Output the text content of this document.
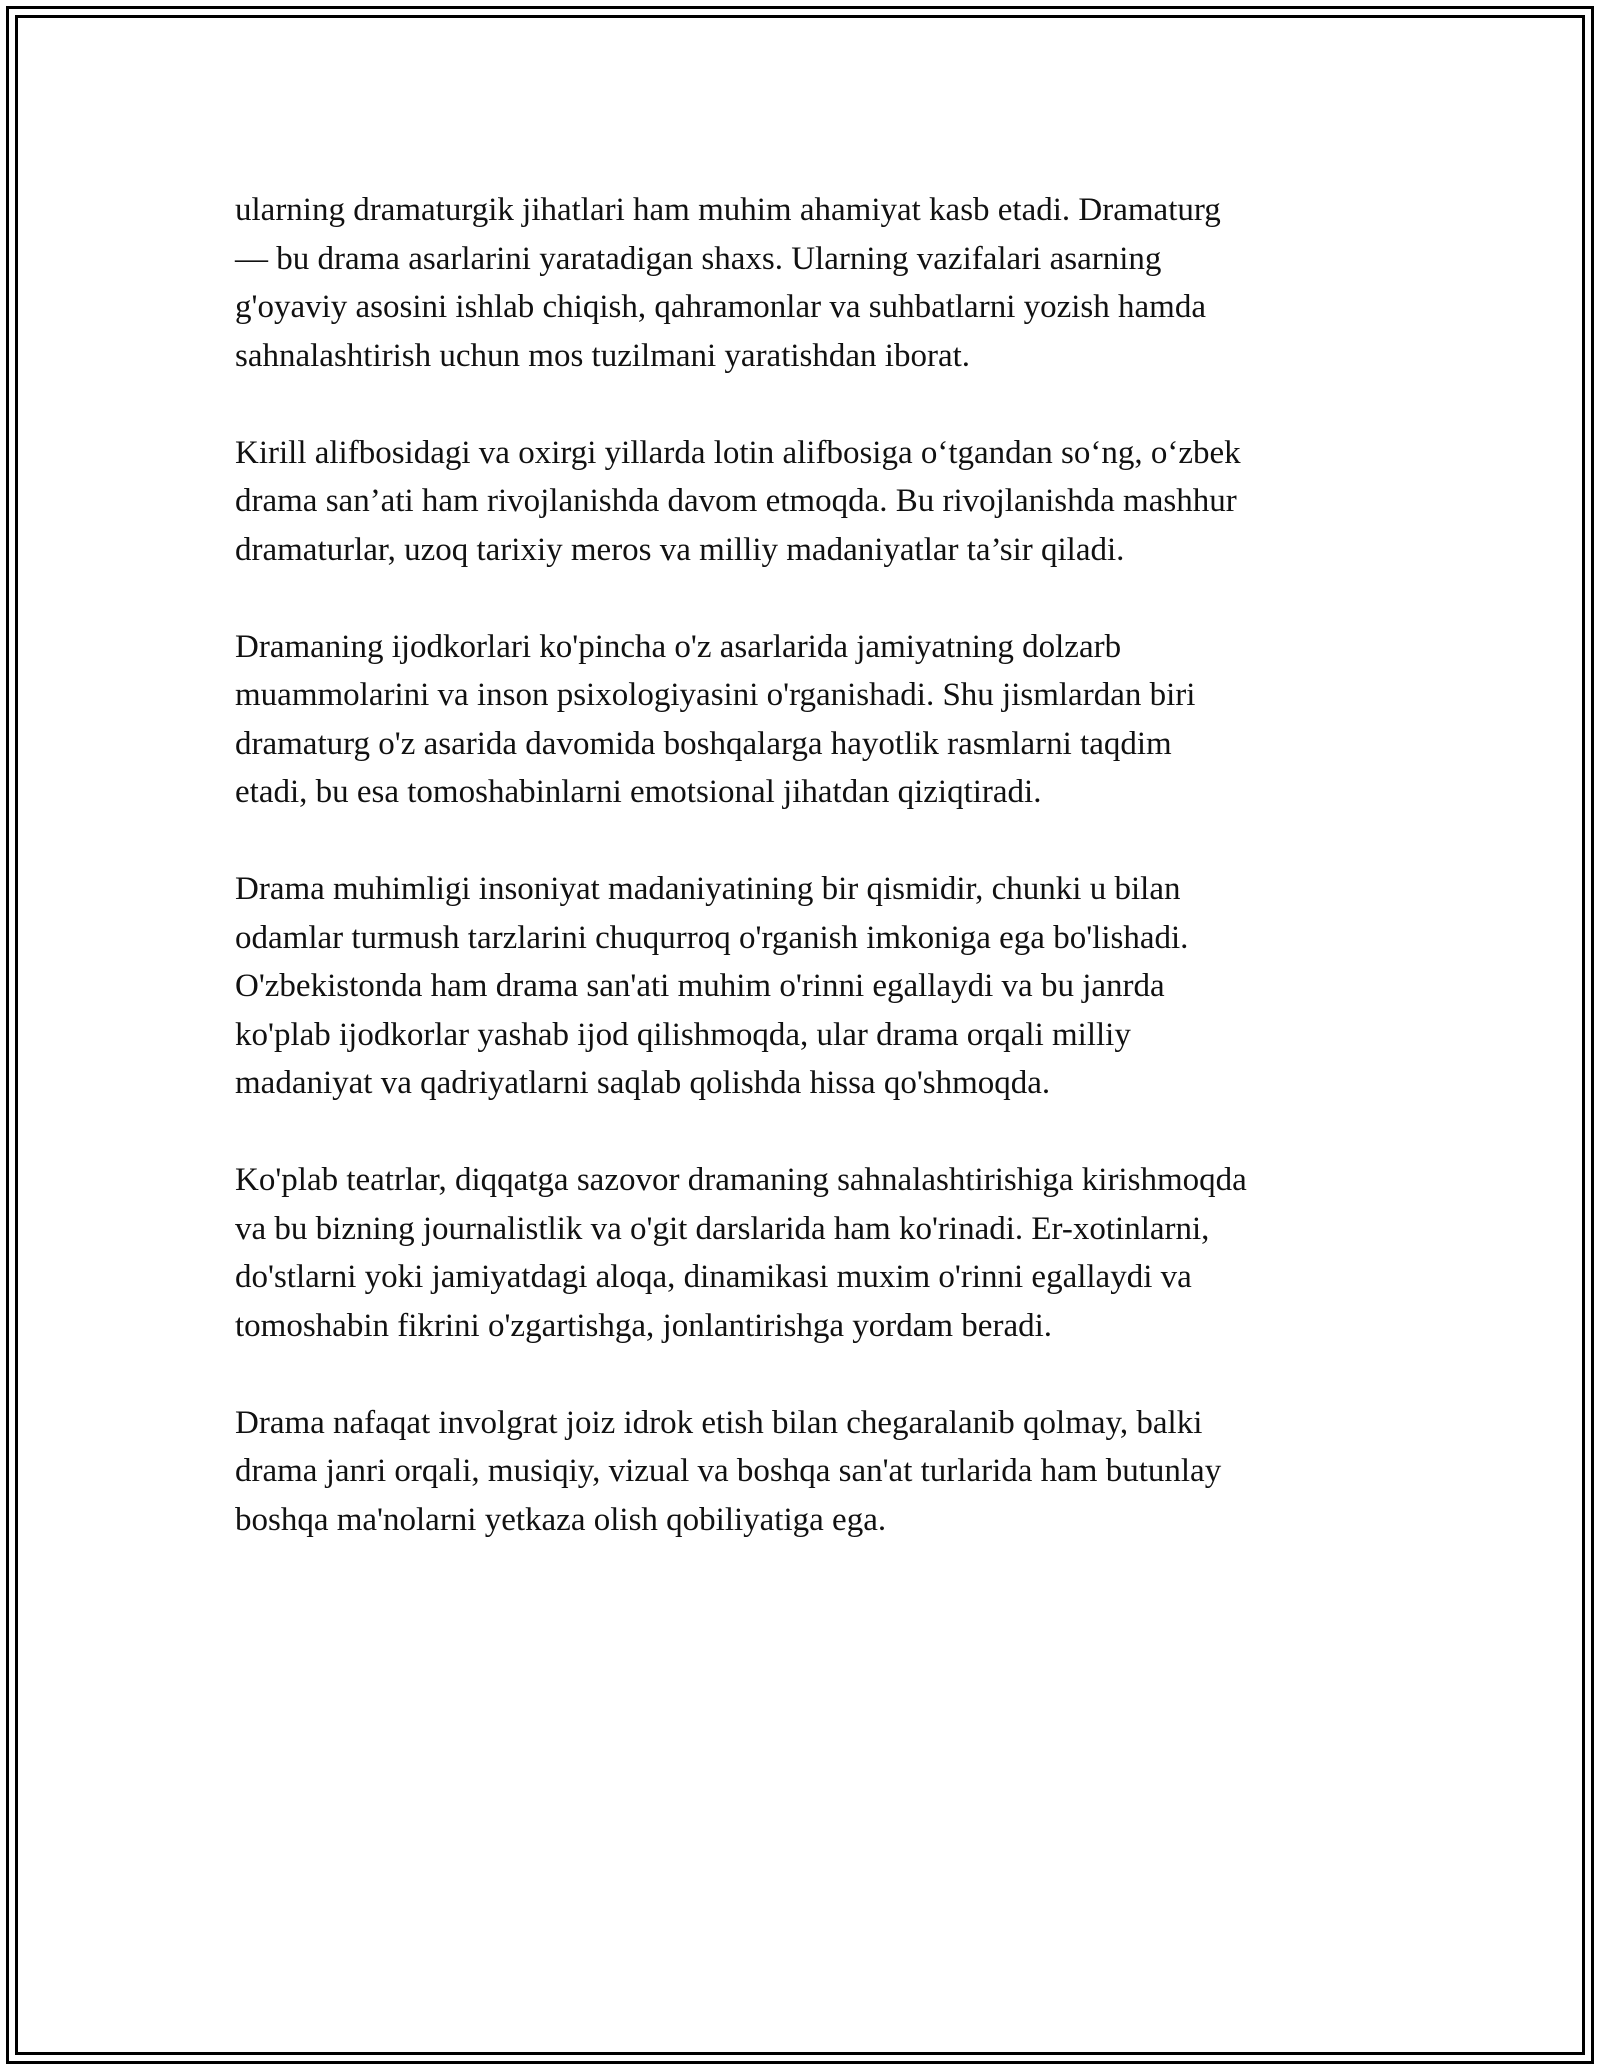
ularning dramaturgik jihatlari ham muhim ahamiyat kasb etadi. Dramaturg
— bu drama asarlarini yaratadigan shaxs. Ularning vazifalari asarning
g'oyaviy asosini ishlab chiqish, qahramonlar va suhbatlarni yozish hamda
sahnalashtirish uchun mos tuzilmani yaratishdan iborat.

Kirill alifbosidagi va oxirgi yillarda lotin alifbosiga o‘tgandan so‘ng, o‘zbek
drama san’ati ham rivojlanishda davom etmoqda. Bu rivojlanishda mashhur
dramaturlar, uzoq tarixiy meros va milliy madaniyatlar ta’sir qiladi.

Dramaning ijodkorlari ko'pincha o'z asarlarida jamiyatning dolzarb
muammolarini va inson psixologiyasini o'rganishadi. Shu jismlardan biri
dramaturg o'z asarida davomida boshqalarga hayotlik rasmlarni taqdim
etadi, bu esa tomoshabinlarni emotsional jihatdan qiziqtiradi.

Drama muhimligi insoniyat madaniyatining bir qismidir, chunki u bilan
odamlar turmush tarzlarini chuqurroq o'rganish imkoniga ega bo'lishadi.
O'zbekistonda ham drama san'ati muhim o'rinni egallaydi va bu janrda
ko'plab ijodkorlar yashab ijod qilishmoqda, ular drama orqali milliy
madaniyat va qadriyatlarni saqlab qolishda hissa qo'shmoqda.

Ko'plab teatrlar, diqqatga sazovor dramaning sahnalashtirishiga kirishmoqda
va bu bizning journalistlik va o'git darslarida ham ko'rinadi. Er-xotinlarni,
do'stlarni yoki jamiyatdagi aloqa, dinamikasi muxim o'rinni egallaydi va
tomoshabin fikrini o'zgartishga, jonlantirishga yordam beradi.

Drama nafaqat involgrat joiz idrok etish bilan chegaralanib qolmay, balki
drama janri orqali, musiqiy, vizual va boshqa san'at turlarida ham butunlay
boshqa ma'nolarni yetkaza olish qobiliyatiga ega.
